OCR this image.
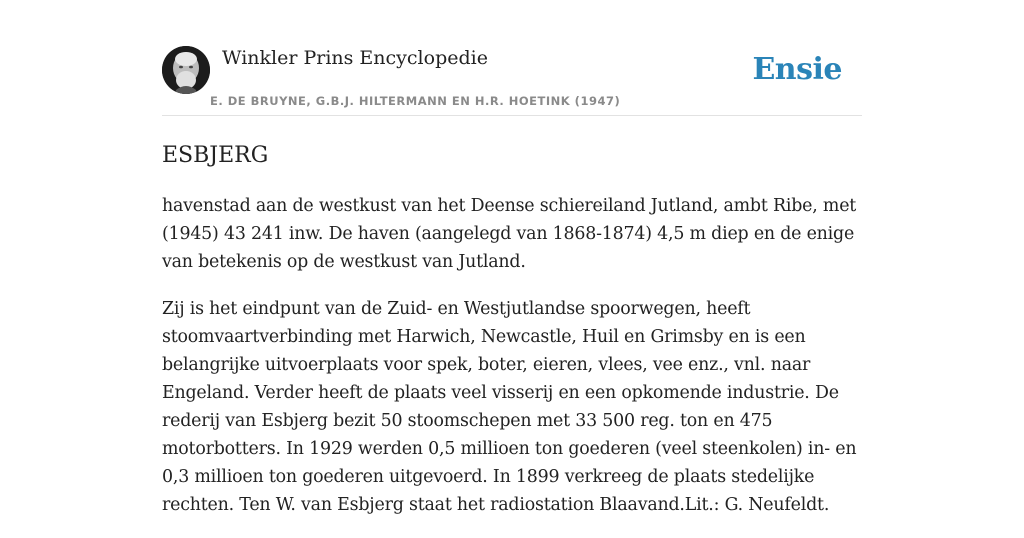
Winkler Prins Encyclopedie
E. DE BRUYNE, G.B.J. HILTERMANN EN H.R. HOETINK (1947)
Ensie
ESBJERG

havenstad aan de westkust van het Deense schiereiland Jutland, ambt Ribe, met (1945) 43 241 inw. De haven (aangelegd van 1868-1874) 4,5 m diep en de enige van betekenis op de westkust van Jutland.

Zij is het eindpunt van de Zuid- en Westjutlandse spoorwegen, heeft stoomvaartverbinding met Harwich, Newcastle, Huil en Grimsby en is een belangrijke uitvoerplaats voor spek, boter, eieren, vlees, vee enz., vnl. naar Engeland. Verder heeft de plaats veel visserij en een opkomende industrie. De rederij van Esbjerg bezit 50 stoomschepen met 33 500 reg. ton en 475 motorbotters. In 1929 werden 0,5 millioen ton goederen (veel steenkolen) in- en 0,3 millioen ton goederen uitgevoerd. In 1899 verkreeg de plaats stedelijke rechten. Ten W. van Esbjerg staat het radiostation Blaavand.Lit.: G. Neufeldt.
